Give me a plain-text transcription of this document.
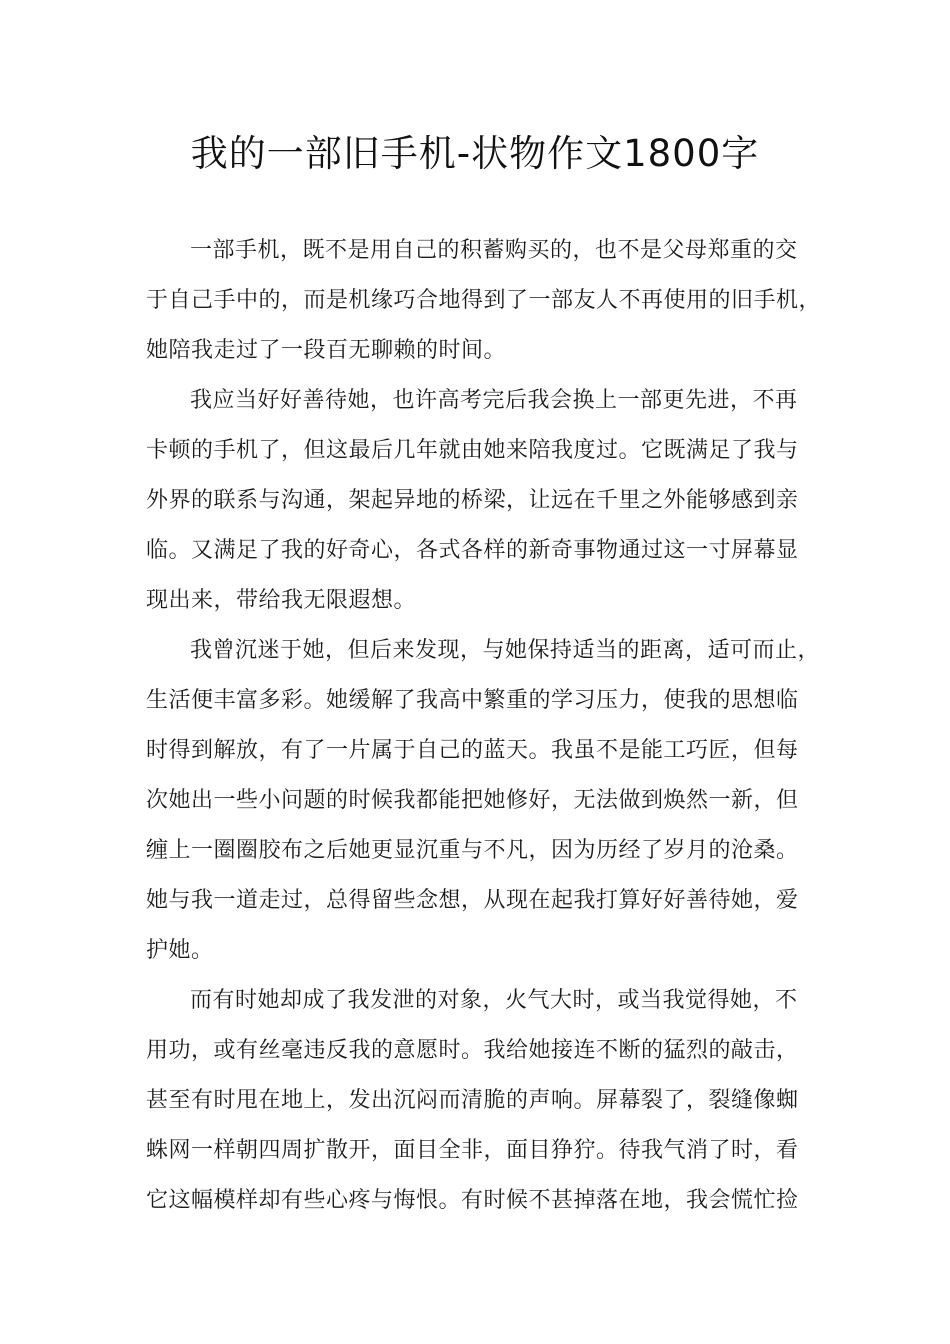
我的一部旧手机-状物作文1800字
一部手机，既不是用自己的积蓄购买的，也不是父母郑重的交
于自己手中的，而是机缘巧合地得到了一部友人不再使用的旧手机，
她陪我走过了一段百无聊赖的时间。
我应当好好善待她，也许高考完后我会换上一部更先进，不再
卡顿的手机了，但这最后几年就由她来陪我度过。它既满足了我与
外界的联系与沟通，架起异地的桥梁，让远在千里之外能够感到亲
临。又满足了我的好奇心，各式各样的新奇事物通过这一寸屏幕显
现出来，带给我无限遐想。
我曾沉迷于她，但后来发现，与她保持适当的距离，适可而止，
生活便丰富多彩。她缓解了我高中繁重的学习压力，使我的思想临
时得到解放，有了一片属于自己的蓝天。我虽不是能工巧匠，但每
次她出一些小问题的时候我都能把她修好，无法做到焕然一新，但
缠上一圈圈胶布之后她更显沉重与不凡，因为历经了岁月的沧桑。
她与我一道走过，总得留些念想，从现在起我打算好好善待她，爱
护她。
而有时她却成了我发泄的对象，火气大时，或当我觉得她，不
用功，或有丝毫违反我的意愿时。我给她接连不断的猛烈的敲击，
甚至有时甩在地上，发出沉闷而清脆的声响。屏幕裂了，裂缝像蜘
蛛网一样朝四周扩散开，面目全非，面目狰狞。待我气消了时，看
它这幅模样却有些心疼与悔恨。有时候不甚掉落在地，我会慌忙捡
